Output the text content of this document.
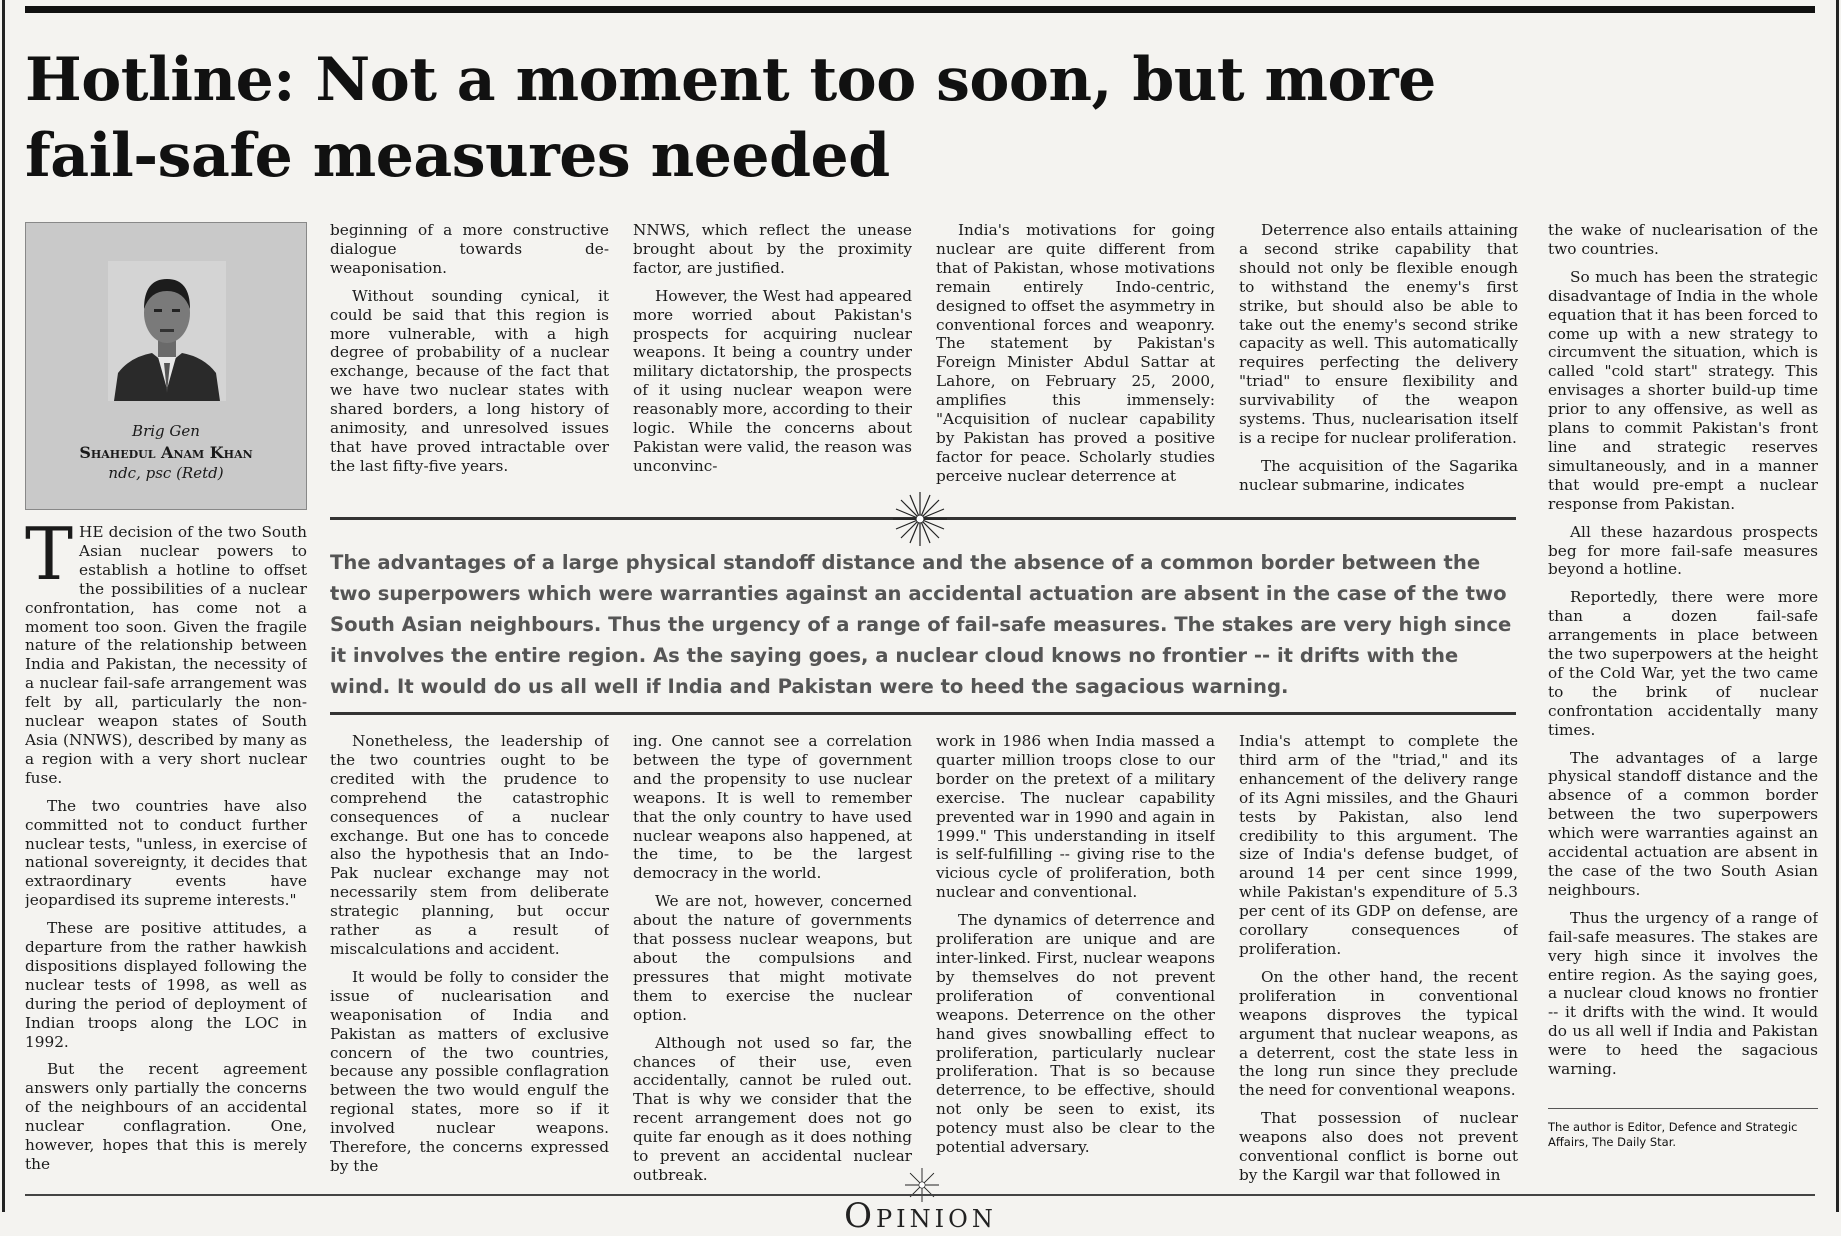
Hotline: Not a moment too soon, but more fail-safe measures needed
Brig Gen
Shahedul Anam Khan
ndc, psc (Retd)

THE decision of the two South Asian nuclear powers to establish a hotline to offset the possibilities of a nuclear confrontation, has come not a moment too soon. Given the fragile nature of the relationship between India and Pakistan, the necessity of a nuclear fail-safe arrangement was felt by all, particularly the non-nuclear weapon states of South Asia (NNWS), described by many as a region with a very short nuclear fuse.

The two countries have also committed not to conduct further nuclear tests, "unless, in exercise of national sovereignty, it decides that extraordinary events have jeopardised its supreme interests."

These are positive attitudes, a departure from the rather hawkish dispositions displayed following the nuclear tests of 1998, as well as during the period of deployment of Indian troops along the LOC in 1992.

But the recent agreement answers only partially the concerns of the neighbours of an accidental nuclear conflagration. One, however, hopes that this is merely the

beginning of a more constructive dialogue towards de-weaponisation.

Without sounding cynical, it could be said that this region is more vulnerable, with a high degree of probability of a nuclear exchange, because of the fact that we have two nuclear states with shared borders, a long history of animosity, and unresolved issues that have proved intractable over the last fifty-five years.

NNWS, which reflect the unease brought about by the proximity factor, are justified.

However, the West had appeared more worried about Pakistan's prospects for acquiring nuclear weapons. It being a country under military dictatorship, the prospects of it using nuclear weapon were reasonably more, according to their logic. While the concerns about Pakistan were valid, the reason was unconvinc-

India's motivations for going nuclear are quite different from that of Pakistan, whose motivations remain entirely Indo-centric, designed to offset the asymmetry in conventional forces and weaponry. The statement by Pakistan's Foreign Minister Abdul Sattar at Lahore, on February 25, 2000, amplifies this immensely: "Acquisition of nuclear capability by Pakistan has proved a positive factor for peace. Scholarly studies perceive nuclear deterrence at

Deterrence also entails attaining a second strike capability that should not only be flexible enough to withstand the enemy's first strike, but should also be able to take out the enemy's second strike capacity as well. This automatically requires perfecting the delivery "triad" to ensure flexibility and survivability of the weapon systems. Thus, nuclearisation itself is a recipe for nuclear proliferation.

The acquisition of the Sagarika nuclear submarine, indicates

The advantages of a large physical standoff distance and the absence of a common border between the two superpowers which were warranties against an accidental actuation are absent in the case of the two South Asian neighbours. Thus the urgency of a range of fail-safe measures. The stakes are very high since it involves the entire region. As the saying goes, a nuclear cloud knows no frontier -- it drifts with the wind. It would do us all well if India and Pakistan were to heed the sagacious warning.

Nonetheless, the leadership of the two countries ought to be credited with the prudence to comprehend the catastrophic consequences of a nuclear exchange. But one has to concede also the hypothesis that an Indo-Pak nuclear exchange may not necessarily stem from deliberate strategic planning, but occur rather as a result of miscalculations and accident.

It would be folly to consider the issue of nuclearisation and weaponisation of India and Pakistan as matters of exclusive concern of the two countries, because any possible conflagration between the two would engulf the regional states, more so if it involved nuclear weapons. Therefore, the concerns expressed by the

ing. One cannot see a correlation between the type of government and the propensity to use nuclear weapons. It is well to remember that the only country to have used nuclear weapons also happened, at the time, to be the largest democracy in the world.

We are not, however, concerned about the nature of governments that possess nuclear weapons, but about the compulsions and pressures that might motivate them to exercise the nuclear option.

Although not used so far, the chances of their use, even accidentally, cannot be ruled out. That is why we consider that the recent arrangement does not go quite far enough as it does nothing to prevent an accidental nuclear outbreak.

work in 1986 when India massed a quarter million troops close to our border on the pretext of a military exercise. The nuclear capability prevented war in 1990 and again in 1999." This understanding in itself is self-fulfilling -- giving rise to the vicious cycle of proliferation, both nuclear and conventional.

The dynamics of deterrence and proliferation are unique and are inter-linked. First, nuclear weapons by themselves do not prevent proliferation of conventional weapons. Deterrence on the other hand gives snowballing effect to proliferation, particularly nuclear proliferation. That is so because deterrence, to be effective, should not only be seen to exist, its potency must also be clear to the potential adversary.

India's attempt to complete the third arm of the "triad," and its enhancement of the delivery range of its Agni missiles, and the Ghauri tests by Pakistan, also lend credibility to this argument. The size of India's defense budget, of around 14 per cent since 1999, while Pakistan's expenditure of 5.3 per cent of its GDP on defense, are corollary consequences of proliferation.

On the other hand, the recent proliferation in conventional weapons disproves the typical argument that nuclear weapons, as a deterrent, cost the state less in the long run since they preclude the need for conventional weapons.

That possession of nuclear weapons also does not prevent conventional conflict is borne out by the Kargil war that followed in

the wake of nuclearisation of the two countries.

So much has been the strategic disadvantage of India in the whole equation that it has been forced to come up with a new strategy to circumvent the situation, which is called "cold start" strategy. This envisages a shorter build-up time prior to any offensive, as well as plans to commit Pakistan's front line and strategic reserves simultaneously, and in a manner that would pre-empt a nuclear response from Pakistan.

All these hazardous prospects beg for more fail-safe measures beyond a hotline.

Reportedly, there were more than a dozen fail-safe arrangements in place between the two superpowers at the height of the Cold War, yet the two came to the brink of nuclear confrontation accidentally many times.

The advantages of a large physical standoff distance and the absence of a common border between the two superpowers which were warranties against an accidental actuation are absent in the case of the two South Asian neighbours.

Thus the urgency of a range of fail-safe measures. The stakes are very high since it involves the entire region. As the saying goes, a nuclear cloud knows no frontier -- it drifts with the wind. It would do us all well if India and Pakistan were to heed the sagacious warning.

The author is Editor, Defence and Strategic Affairs, The Daily Star.
Opinion
